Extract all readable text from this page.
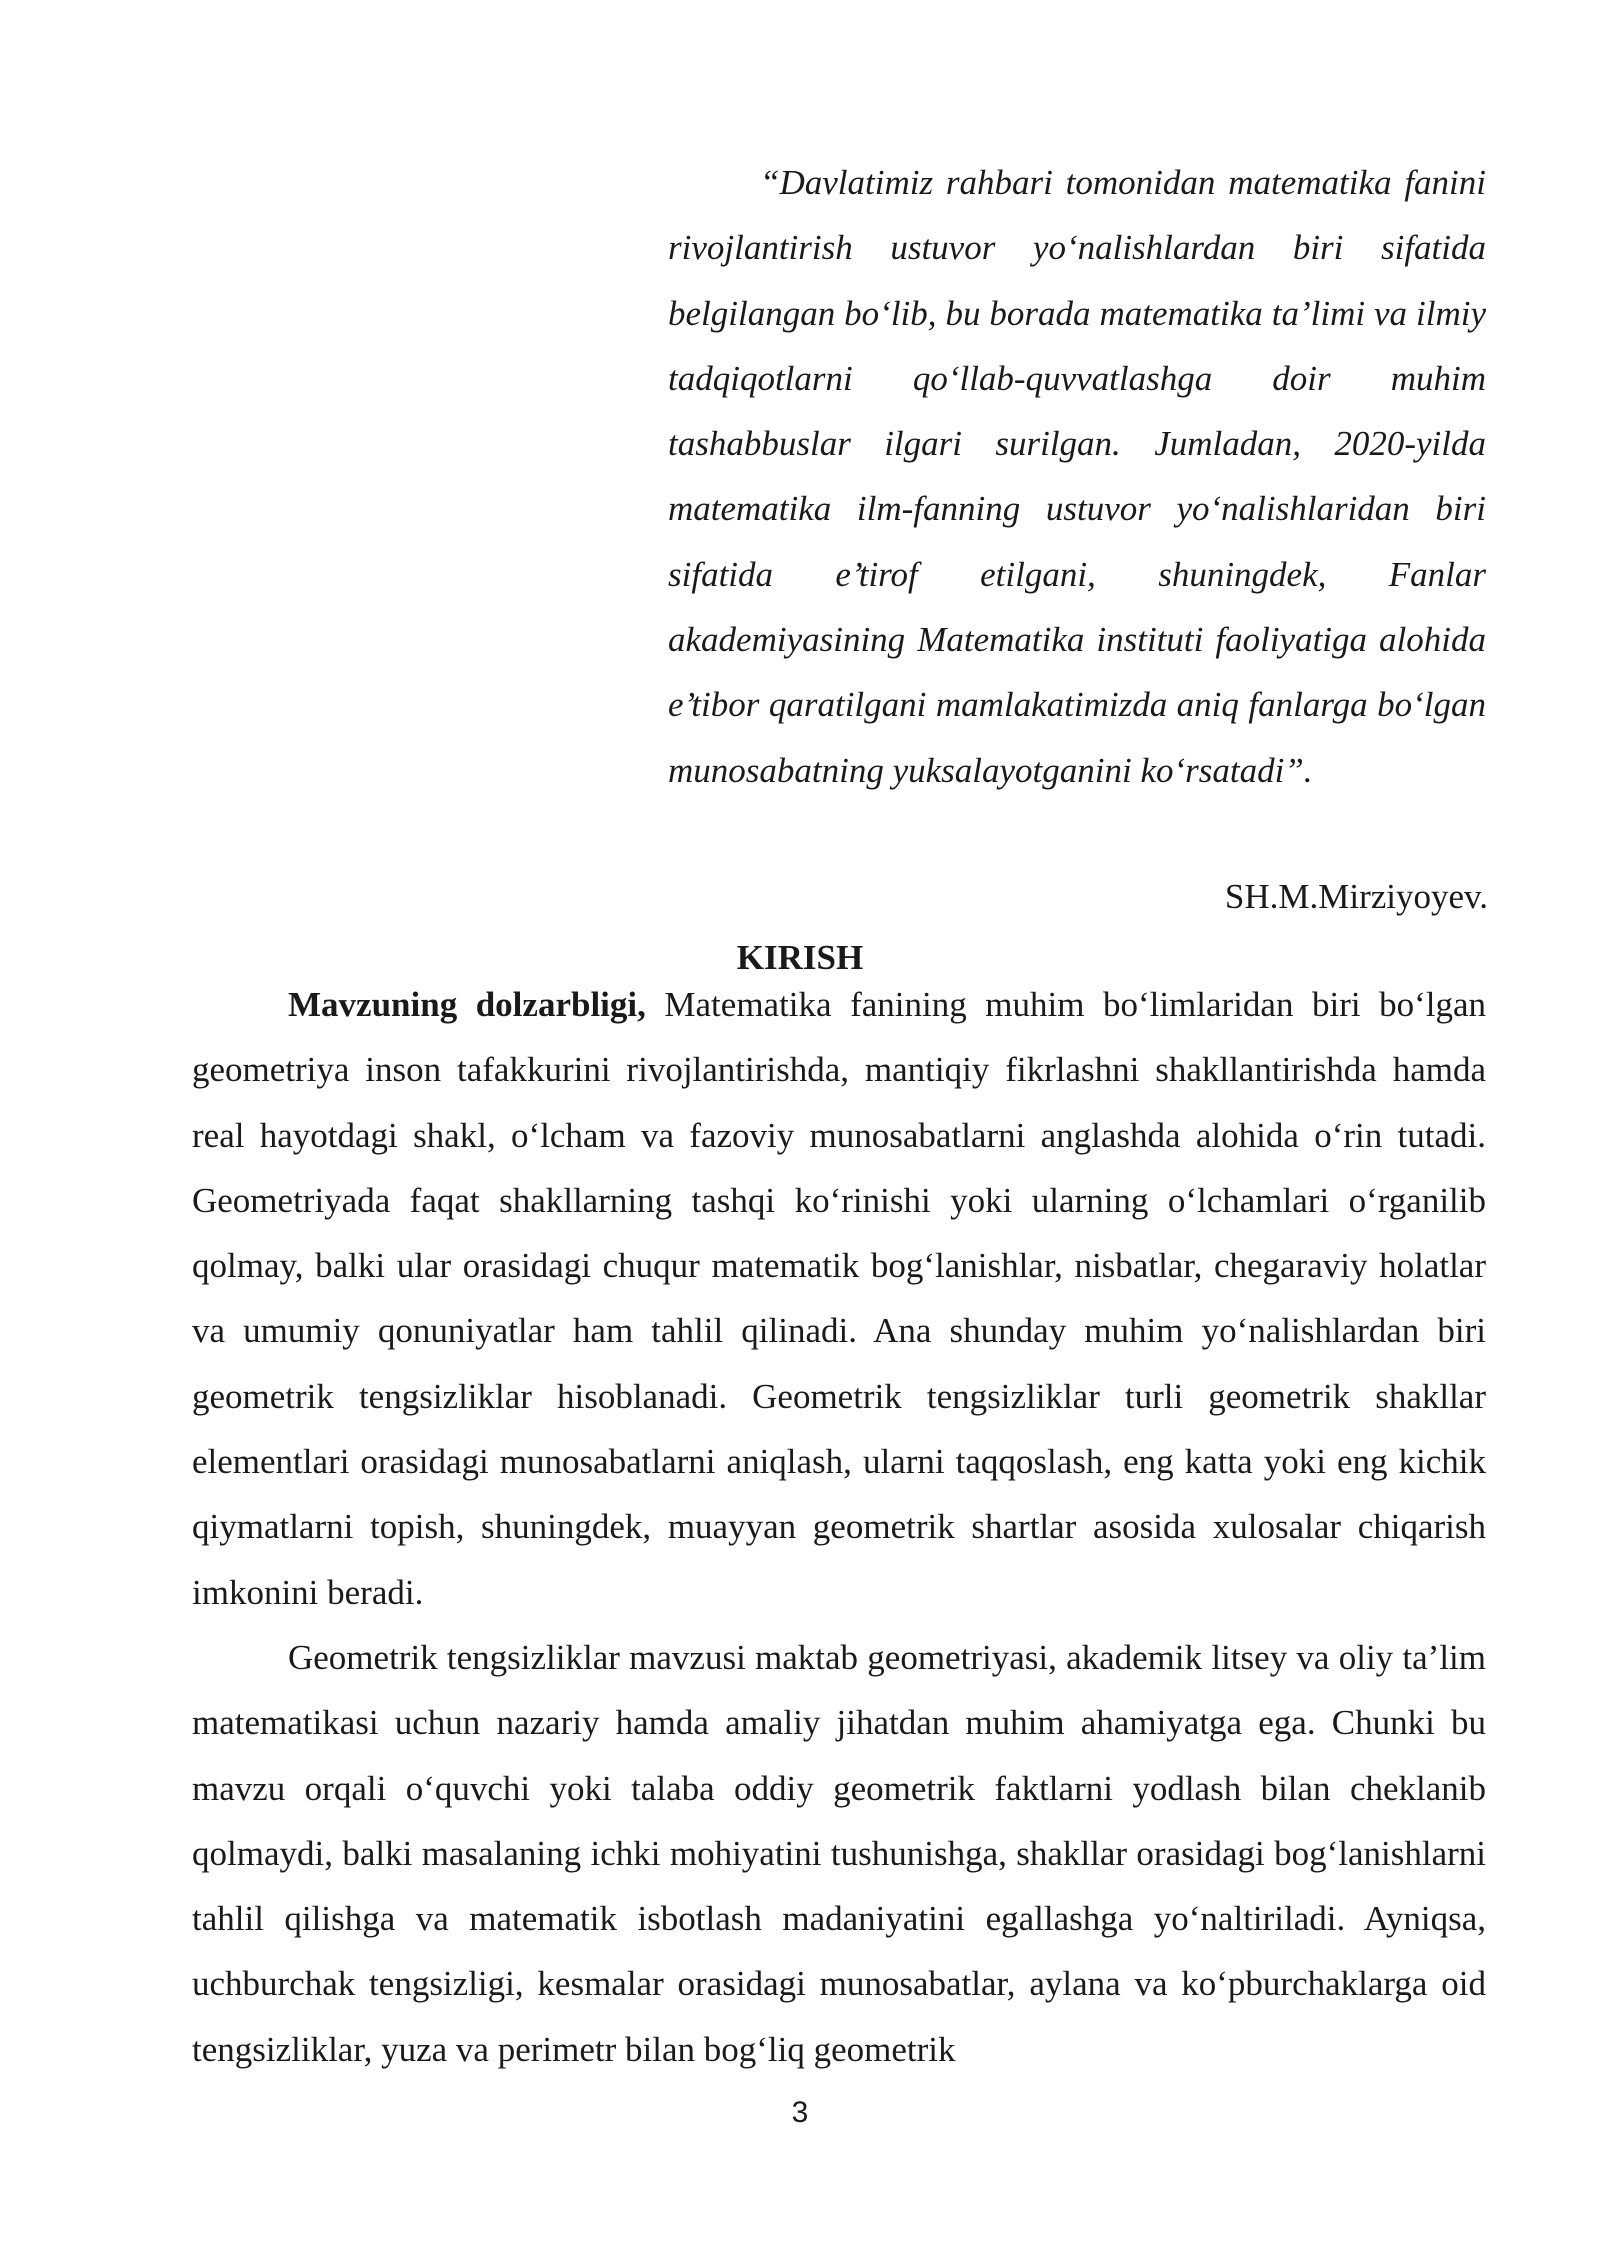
“Davlatimiz rahbari tomonidan matematika fanini rivojlantirish ustuvor yo‘nalishlardan biri sifatida belgilangan bo‘lib, bu borada matematika ta’limi va ilmiy tadqiqotlarni qo‘llab-quvvatlashga doir muhim tashabbuslar ilgari surilgan. Jumladan, 2020-yilda matematika ilm-fanning ustuvor yo‘nalishlaridan biri sifatida e’tirof etilgani, shuningdek, Fanlar akademiyasining Matematika instituti faoliyatiga alohida e’tibor qaratilgani mamlakatimizda aniq fanlarga bo‘lgan munosabatning yuksalayotganini ko‘rsatadi”.

SH.M.Mirziyoyev.

KIRISH

Mavzuning dolzarbligi, Matematika fanining muhim bo‘limlaridan biri bo‘lgan geometriya inson tafakkurini rivojlantirishda, mantiqiy fikrlashni shakllantirishda hamda real hayotdagi shakl, o‘lcham va fazoviy munosabatlarni anglashda alohida o‘rin tutadi. Geometriyada faqat shakllarning tashqi ko‘rinishi yoki ularning o‘lchamlari o‘rganilib qolmay, balki ular orasidagi chuqur matematik bog‘lanishlar, nisbatlar, chegaraviy holatlar va umumiy qonuniyatlar ham tahlil qilinadi. Ana shunday muhim yo‘nalishlardan biri geometrik tengsizliklar hisoblanadi. Geometrik tengsizliklar turli geometrik shakllar elementlari orasidagi munosabatlarni aniqlash, ularni taqqoslash, eng katta yoki eng kichik qiymatlarni topish, shuningdek, muayyan geometrik shartlar asosida xulosalar chiqarish imkonini beradi.

Geometrik tengsizliklar mavzusi maktab geometriyasi, akademik litsey va oliy ta’lim matematikasi uchun nazariy hamda amaliy jihatdan muhim ahamiyatga ega. Chunki bu mavzu orqali o‘quvchi yoki talaba oddiy geometrik faktlarni yodlash bilan cheklanib qolmaydi, balki masalaning ichki mohiyatini tushunishga, shakllar orasidagi bog‘lanishlarni tahlil qilishga va matematik isbotlash madaniyatini egallashga yo‘naltiriladi. Ayniqsa, uchburchak tengsizligi, kesmalar orasidagi munosabatlar, aylana va ko‘pburchaklarga oid tengsizliklar, yuza va perimetr bilan bog‘liq geometrik

3
